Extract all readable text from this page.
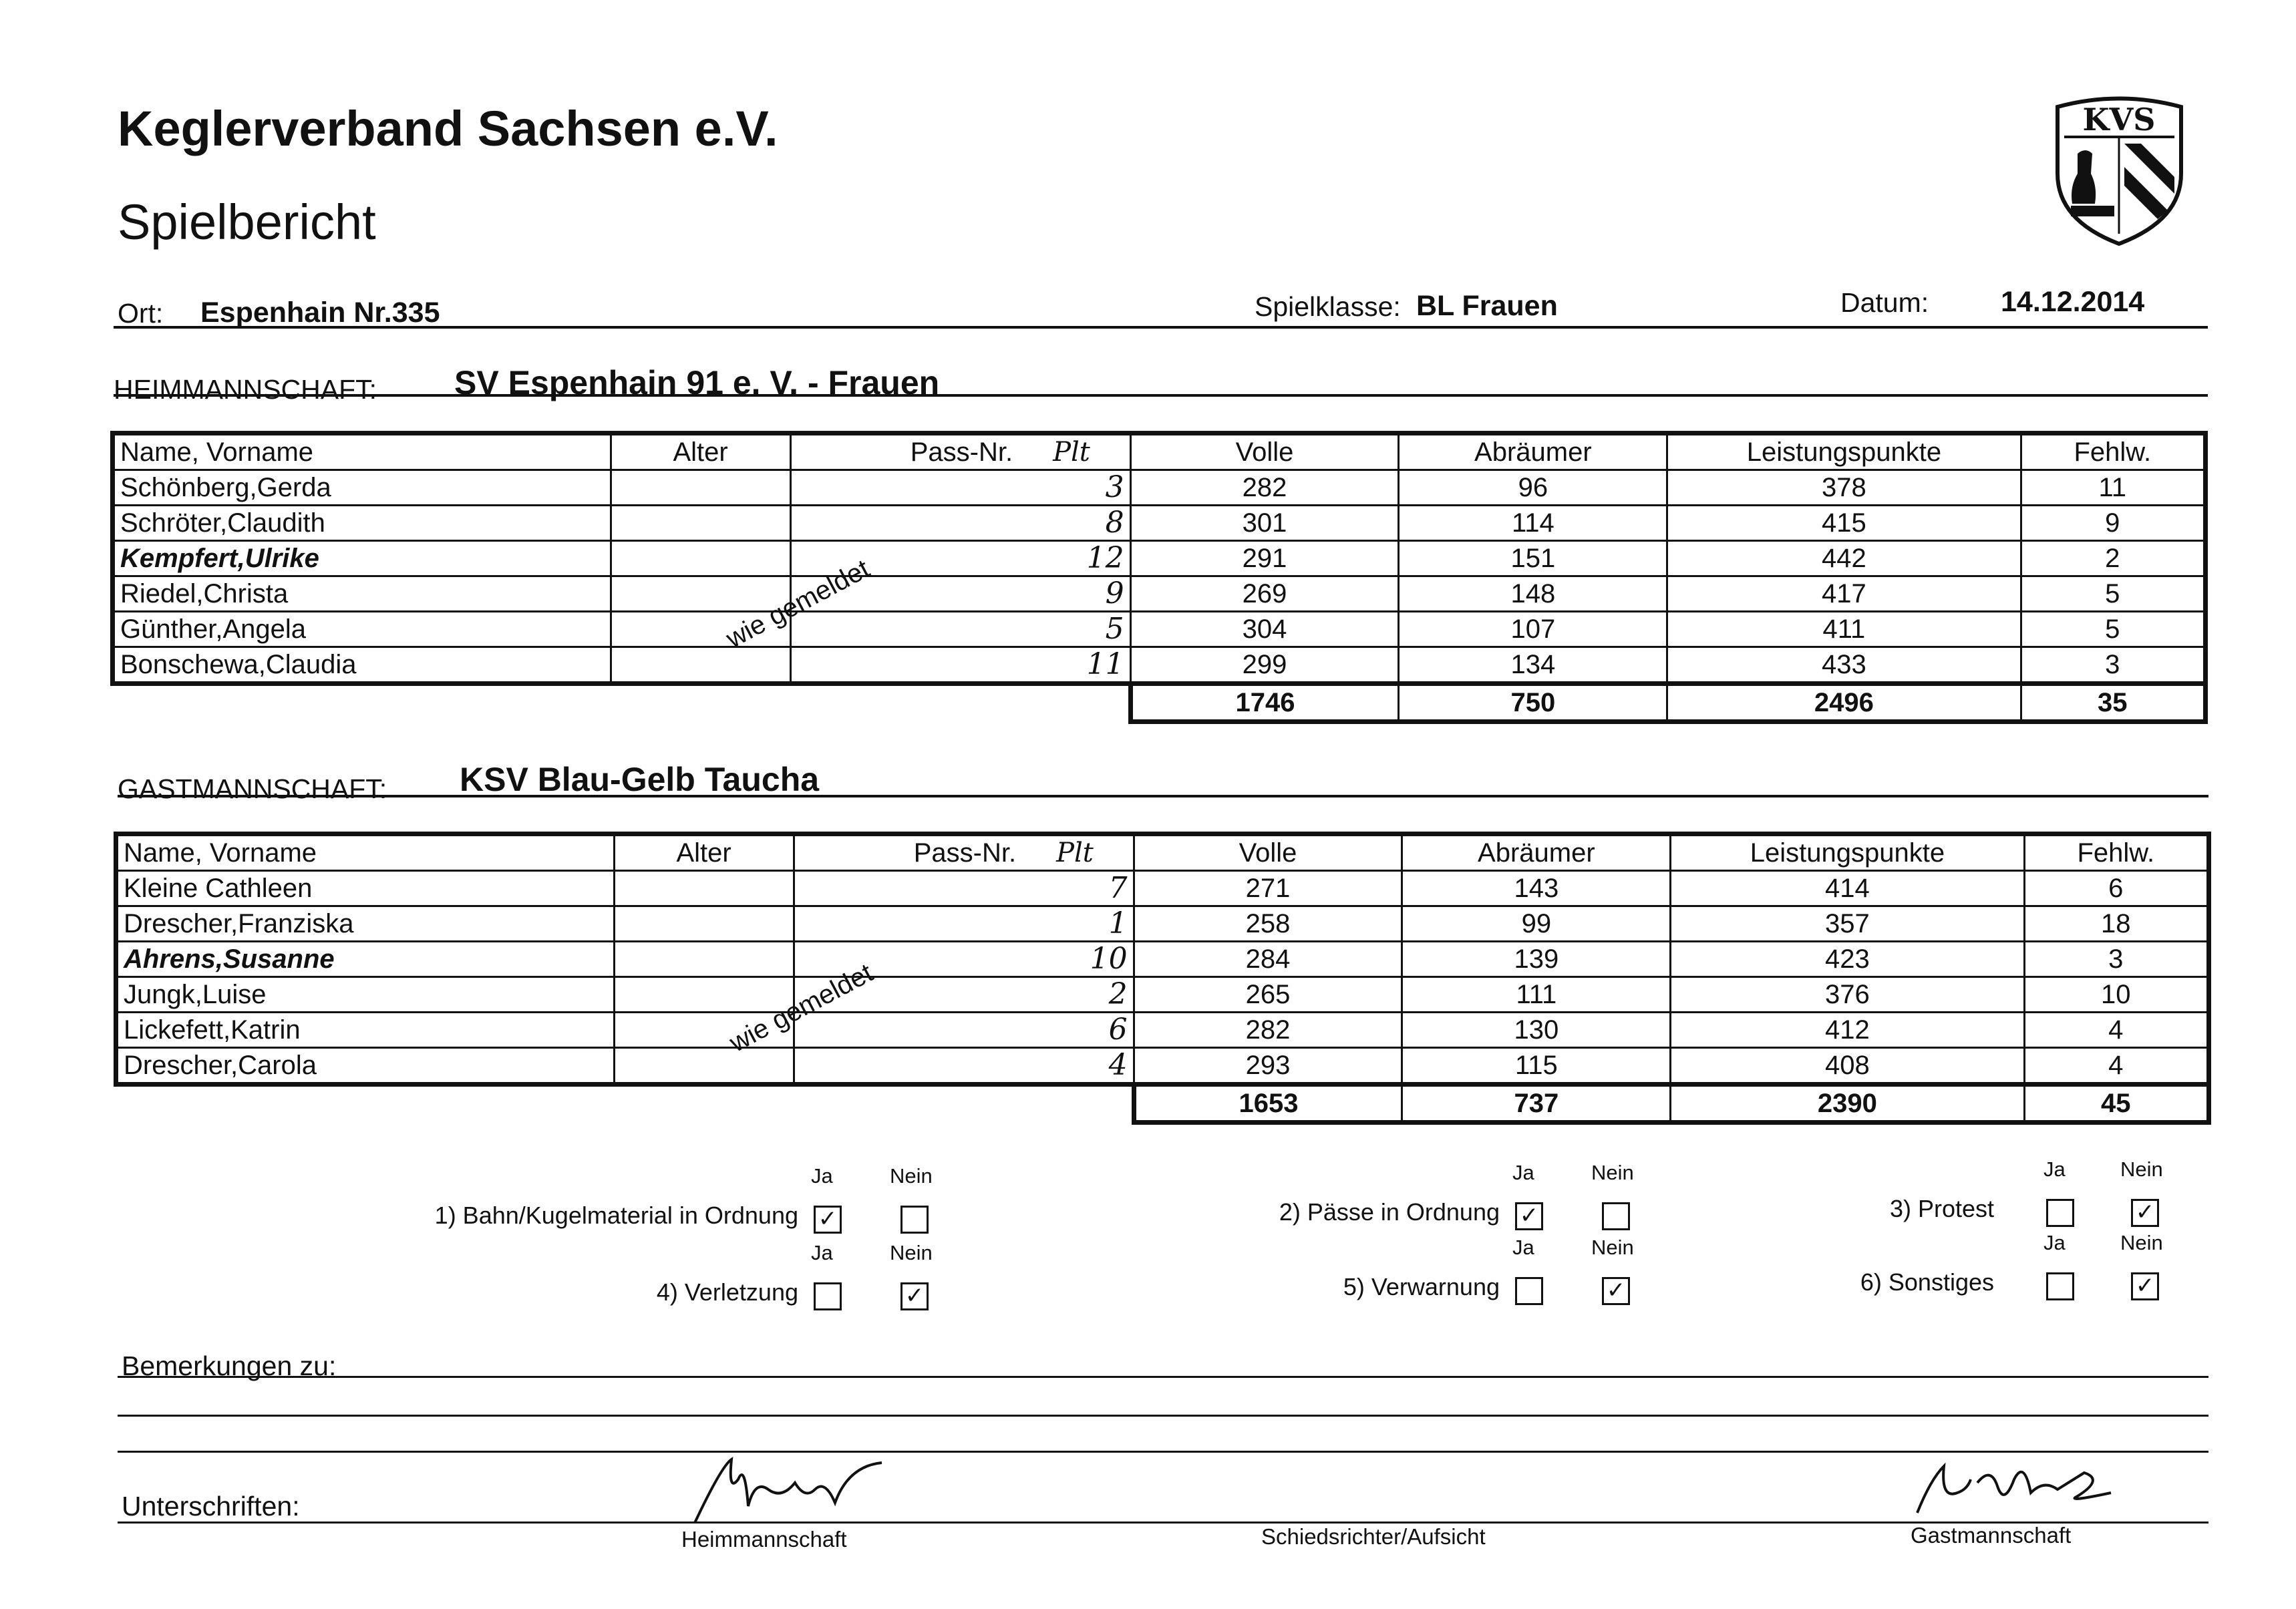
Keglerverband Sachsen e.V.
Spielbericht
KVS
Ort: Espenhain Nr.335	Spielklasse: BL Frauen	Datum:	14.12.2014
HEIMMANNSCHAFT: SV Espenhain 91 e. V. - Frauen
Name, Vorname	Alter	Pass-Nr. Plt	Volle	Abräumer	Leistungspunkte	Fehlw.
Schönberg,Gerda		3	282	96	378	11
Schröter,Claudith		8	301	114	415	9
Kempfert,Ulrike		12	291	151	442	2
Riedel,Christa		9	269	148	417	5
Günther,Angela		5	304	107	411	5
Bonschewa,Claudia		11	299	134	433	3
			1746	750	2496	35
wie gemeldet
GASTMANNSCHAFT: KSV Blau-Gelb Taucha
Name, Vorname	Alter	Pass-Nr. Plt	Volle	Abräumer	Leistungspunkte	Fehlw.
Kleine Cathleen		7	271	143	414	6
Drescher,Franziska		1	258	99	357	18
Ahrens,Susanne		10	284	139	423	3
Jungk,Luise		2	265	111	376	10
Lickefett,Katrin		6	282	130	412	4
Drescher,Carola		4	293	115	408	4
			1653	737	2390	45
wie gemeldet
1) Bahn/Kugelmaterial in Ordnung
Ja	Nein
✓	2) Pässe in Ordnung
Ja	Nein
✓	3) Protest
Ja	Nein
✓
4) Verletzung
Ja	Nein
✓	5) Verwarnung
Ja	Nein
✓	6) Sonstiges
Ja	Nein
✓
Bemerkungen zu:
Unterschriften:
Heimmannschaft	Schiedsrichter/Aufsicht	Gastmannschaft
